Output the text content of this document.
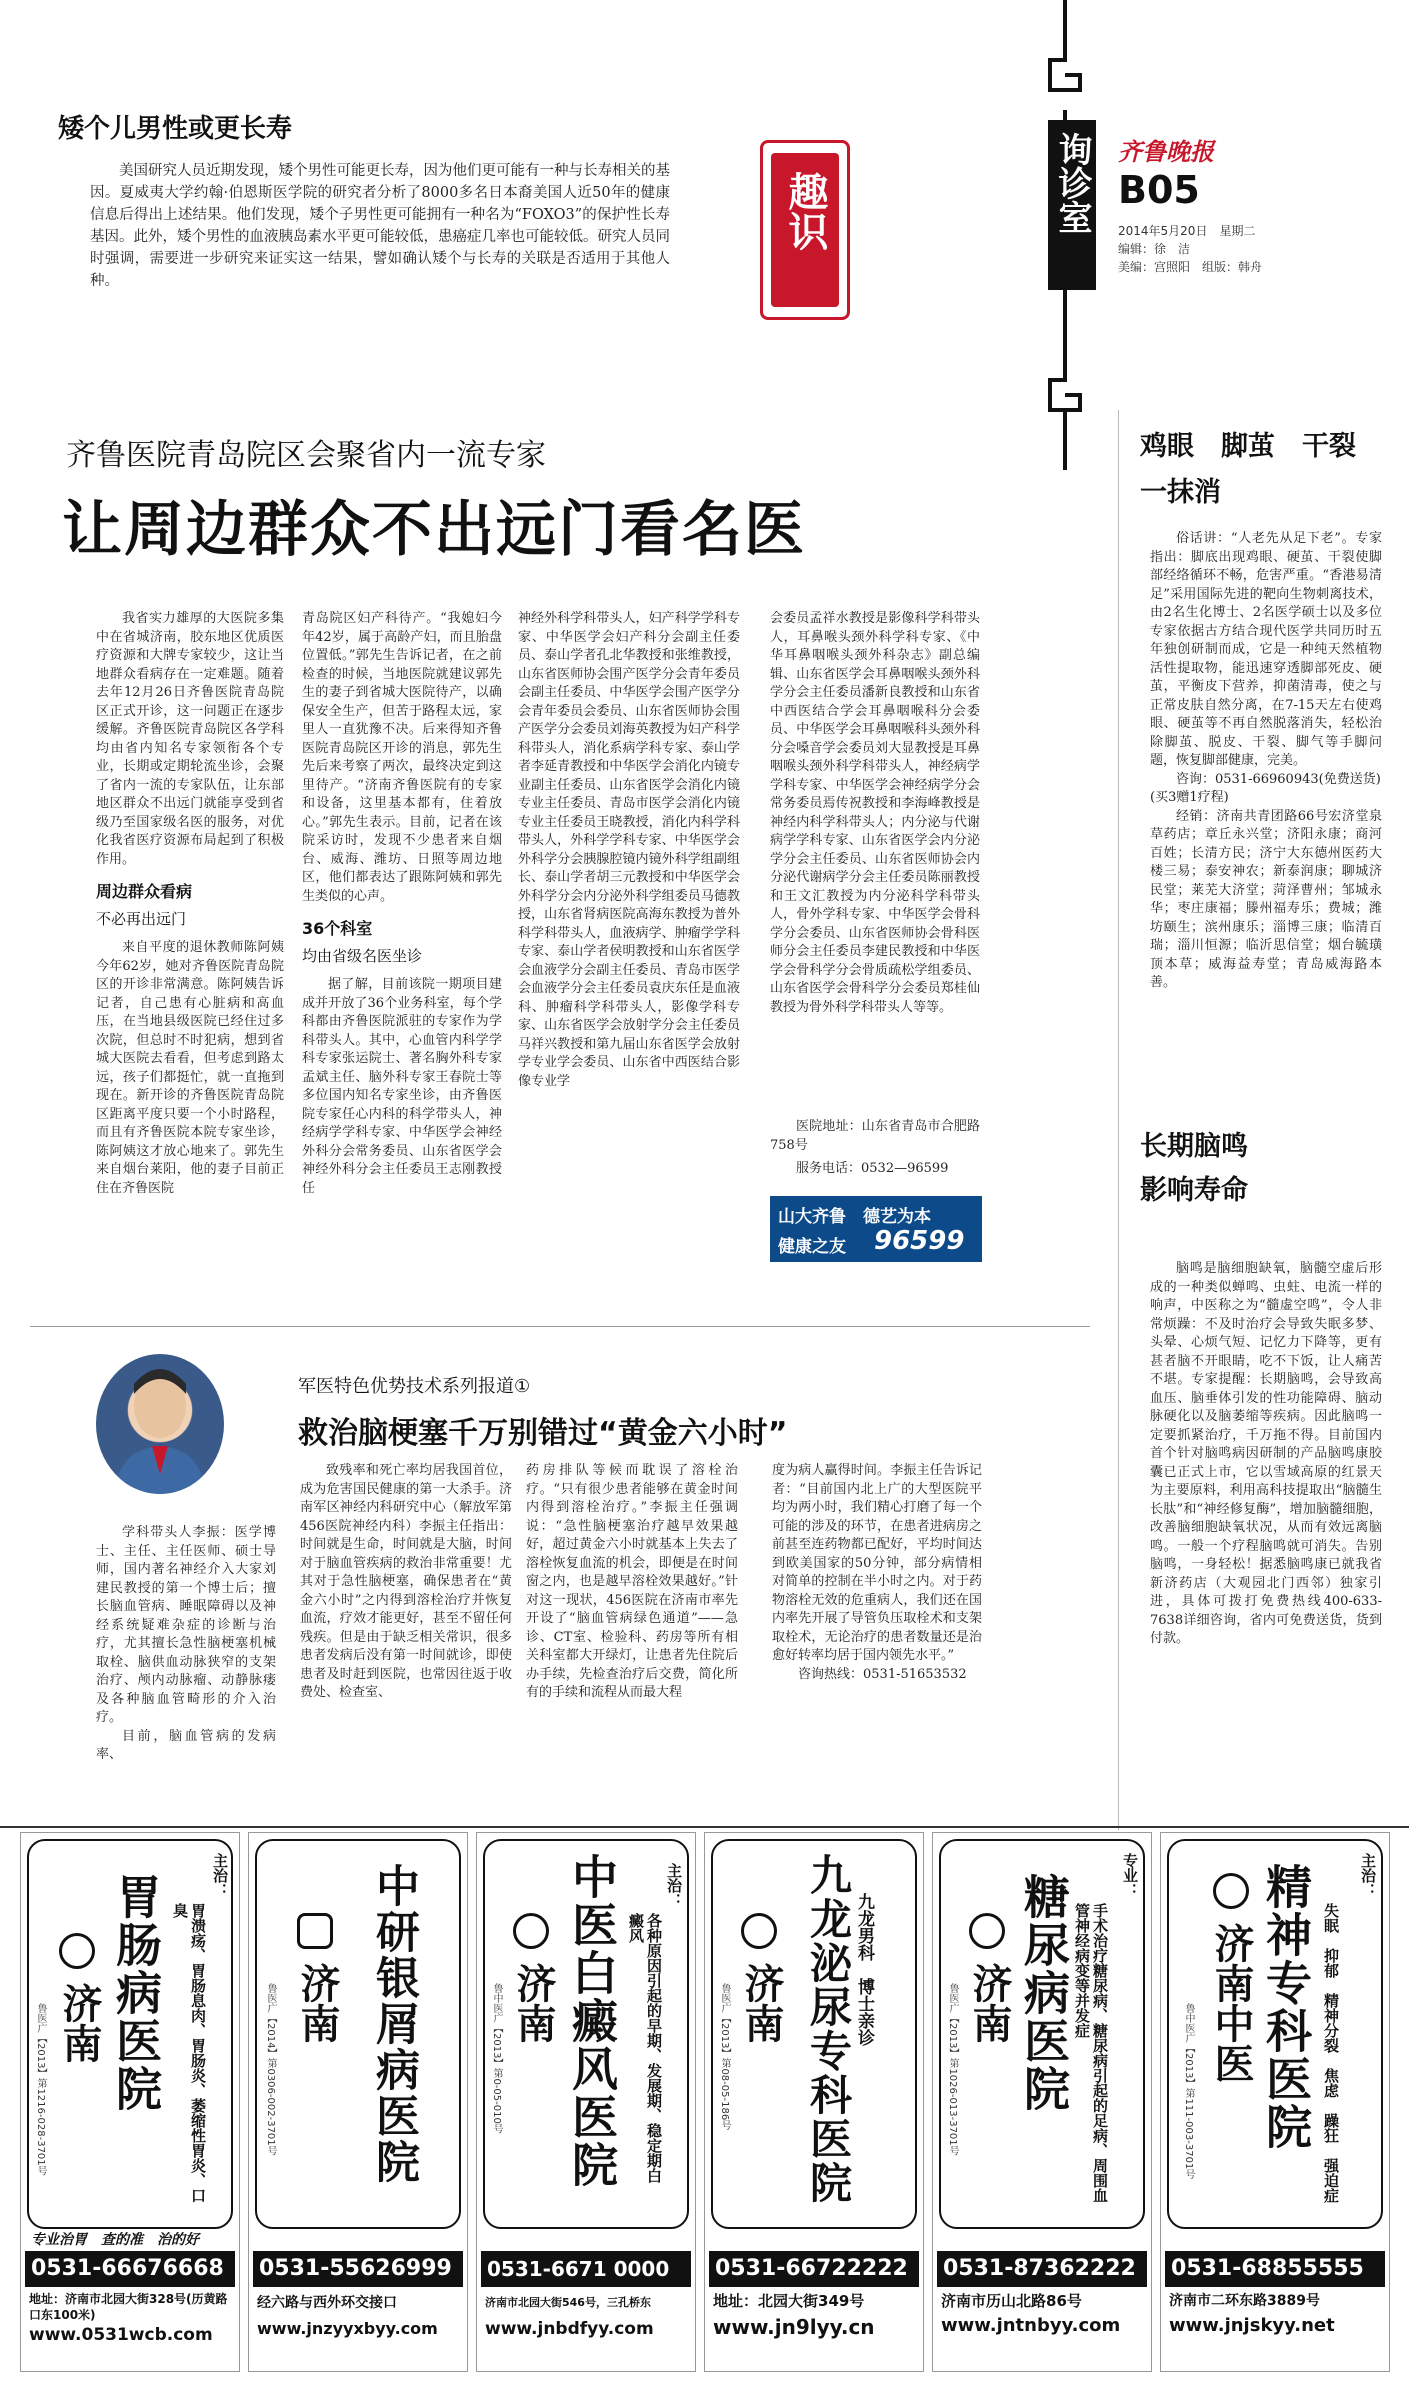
矮个儿男性或更长寿
美国研究人员近期发现，矮个男性可能更长寿，因为他们更可能有一种与长寿相关的基因。夏威夷大学约翰·伯恩斯医学院的研究者分析了8000多名日本裔美国人近50年的健康信息后得出上述结果。他们发现，矮个子男性更可能拥有一种名为“FOXO3”的保护性长寿基因。此外，矮个男性的血液胰岛素水平更可能较低，患癌症几率也可能较低。研究人员同时强调，需要进一步研究来证实这一结果，譬如确认矮个与长寿的关联是否适用于其他人种。
趣识	询诊室 齐鲁晚报
B05
2014年5月20日　星期二
编辑：徐　洁
美编：宫照阳　组版：韩舟
齐鲁医院青岛院区会聚省内一流专家
让周边群众不出远门看名医
我省实力雄厚的大医院多集中在省城济南，胶东地区优质医疗资源和大牌专家较少，这让当地群众看病存在一定难题。随着去年12月26日齐鲁医院青岛院区正式开诊，这一问题正在逐步缓解。齐鲁医院青岛院区各学科均由省内知名专家领衔各个专业，长期或定期轮流坐诊，会聚了省内一流的专家队伍，让东部地区群众不出远门就能享受到省级乃至国家级名医的服务，对优化我省医疗资源布局起到了积极作用。
周边群众看病
不必再出远门
来自平度的退休教师陈阿姨今年62岁，她对齐鲁医院青岛院区的开诊非常满意。陈阿姨告诉记者，自己患有心脏病和高血压，在当地县级医院已经住过多次院，但总时不时犯病，想到省城大医院去看看，但考虑到路太远，孩子们都挺忙，就一直拖到现在。新开诊的齐鲁医院青岛院区距离平度只要一个小时路程，而且有齐鲁医院本院专家坐诊，陈阿姨这才放心地来了。郭先生来自烟台莱阳，他的妻子目前正住在齐鲁医院
青岛院区妇产科待产。“我媳妇今年42岁，属于高龄产妇，而且胎盘位置低。”郭先生告诉记者，在之前检查的时候，当地医院就建议郭先生的妻子到省城大医院待产，以确保安全生产，但苦于路程太远，家里人一直犹豫不决。后来得知齐鲁医院青岛院区开诊的消息，郭先生先后来考察了两次，最终决定到这里待产。“济南齐鲁医院有的专家和设备，这里基本都有，住着放心。”郭先生表示。目前，记者在该院采访时，发现不少患者来自烟台、威海、潍坊、日照等周边地区，他们都表达了跟陈阿姨和郭先生类似的心声。
36个科室
均由省级名医坐诊
据了解，目前该院一期项目建成并开放了36个业务科室，每个学科都由齐鲁医院派驻的专家作为学科带头人。其中，心血管内科学学科专家张运院士、著名胸外科专家孟斌主任、脑外科专家王春院士等多位国内知名专家坐诊，由齐鲁医院专家任心内科的科学带头人，神经病学学科专家、中华医学会神经外科分会常务委员、山东省医学会神经外科分会主任委员王志刚教授任
神经外科学科带头人，妇产科学学科专家、中华医学会妇产科分会副主任委员、泰山学者孔北华教授和张维教授，山东省医师协会围产医学分会青年委员会副主任委员、中华医学会围产医学分会青年委员会委员、山东省医师协会围产医学分会委员刘海英教授为妇产科学科带头人，消化系病学科专家、泰山学者李延青教授和中华医学会消化内镜专业副主任委员、山东省医学会消化内镜专业主任委员、青岛市医学会消化内镜专业主任委员王晓教授，消化内科学科带头人，外科学学科专家、中华医学会外科学分会胰腺腔镜内镜外科学组副组长、泰山学者胡三元教授和中华医学会外科学分会内分泌外科学组委员马德教授，山东省肾病医院高海东教授为普外科学科带头人，血液病学、肿瘤学学科专家、泰山学者侯明教授和山东省医学会血液学分会副主任委员、青岛市医学会血液学分会主任委员袁庆东任是血液科、肿瘤科学科带头人，影像学科专家、山东省医学会放射学分会主任委员马祥兴教授和第九届山东省医学会放射学专业学会委员、山东省中西医结合影像专业学
会委员孟祥水教授是影像科学科带头人，耳鼻喉头颈外科学科专家、《中华耳鼻咽喉头颈外科杂志》副总编辑、山东省医学会耳鼻咽喉头颈外科学分会主任委员潘新良教授和山东省中西医结合学会耳鼻咽喉科分会委员、中华医学会耳鼻咽喉科头颈外科分会嗓音学会委员刘大显教授是耳鼻咽喉头颈外科学科带头人，神经病学学科专家、中华医学会神经病学分会常务委员焉传祝教授和李海峰教授是神经内科学科带头人；内分泌与代谢病学学科专家、山东省医学会内分泌学分会主任委员、山东省医师协会内分泌代谢病学分会主任委员陈丽教授和王文汇教授为内分泌科学科带头人，骨外学科专家、中华医学会骨科学分会委员、山东省医师协会骨科医师分会主任委员李建民教授和中华医学会骨科学分会骨质疏松学组委员、山东省医学会骨科学分会委员郑桂仙教授为骨外科学科带头人等等。
医院地址：山东省青岛市合肥路758号
服务电话：0532—96599
山大齐鲁　德艺为本
健康之友 96599
鸡眼　脚茧　干裂
一抹消
俗话讲：“人老先从足下老”。专家指出：脚底出现鸡眼、硬茧、干裂使脚部经络循环不畅，危害严重。“香港易清足”采用国际先进的靶向生物刺离技术，由2名生化博士、2名医学硕士以及多位专家依据古方结合现代医学共同历时五年独创研制而成，它是一种纯天然植物活性提取物，能迅速穿透脚部死皮、硬茧，平衡皮下营养，抑菌清毒，使之与正常皮肤自然分离，在7-15天左右使鸡眼、硬茧等不再自然脱落消失，轻松治除脚茧、脱皮、干裂、脚气等手脚问题，恢复脚部健康，完美。
咨询：0531-66960943(免费送货)
(买3赠1疗程)
经销：济南共青团路66号宏济堂泉草药店；章丘永兴堂；济阳永康；商河百姓；长清方民；济宁大东德州医药大楼三易；泰安神农；新泰润康；聊城济民堂；莱芜大济堂；菏泽曹州；邹城永华；枣庄康福；滕州福寿乐；费城；潍坊颐生；滨州康乐；淄博三康；临清百瑞；淄川恒源；临沂思信堂；烟台毓璜顶本草；威海益寿堂；青岛威海路本善。
长期脑鸣
影响寿命
脑鸣是脑细胞缺氧，脑髓空虚后形成的一种类似蝉鸣、虫蛀、电流一样的响声，中医称之为“髓虚空鸣”，令人非常烦躁：不及时治疗会导致失眠多梦、头晕、心烦气短、记忆力下降等，更有甚者脑不开眼睛，吃不下饭，让人痛苦不堪。专家提醒：长期脑鸣，会导致高血压、脑垂体引发的性功能障碍、脑动脉硬化以及脑萎缩等疾病。因此脑鸣一定要抓紧治疗，千万拖不得。目前国内首个针对脑鸣病因研制的产品脑鸣康胶囊已正式上市，它以雪域高原的红景天为主要原料，利用高科技提取出“脑髓生长肽”和“神经修复酶”，增加脑髓细胞，改善脑细胞缺氧状况，从而有效远离脑鸣。一般一个疗程脑鸣就可消失。告别脑鸣，一身轻松！据悉脑鸣康已就我省新济药店（大观园北门西邻）独家引进，具体可拨打免费热线400-633-7638详细咨询，省内可免费送货，货到付款。
军医特色优势技术系列报道①
救治脑梗塞千万别错过“黄金六小时”
学科带头人李振：医学博士、主任、主任医师、硕士导师，国内著名神经介入大家刘建民教授的第一个博士后；擅长脑血管病、睡眠障碍以及神经系统疑难杂症的诊断与治疗，尤其擅长急性脑梗塞机械取栓、脑供血动脉狭窄的支架治疗、颅内动脉瘤、动静脉瘘及各种脑血管畸形的介入治疗。
目前，脑血管病的发病率、
致残率和死亡率均居我国首位，成为危害国民健康的第一大杀手。济南军区神经内科研究中心（解放军第456医院神经内科）李振主任指出：时间就是生命，时间就是大脑，时间对于脑血管疾病的救治非常重要！尤其对于急性脑梗塞，确保患者在“黄金六小时”之内得到溶栓治疗并恢复血流，疗效才能更好，甚至不留任何残疾。但是由于缺乏相关常识，很多患者发病后没有第一时间就诊，即使患者及时赶到医院，也常因往返于收费处、检查室、
药房排队等候而耽误了溶栓治疗。“只有很少患者能够在黄金时间内得到溶栓治疗。”李振主任强调说：“急性脑梗塞治疗越早效果越好，超过黄金六小时就基本上失去了溶栓恢复血流的机会，即便是在时间窗之内，也是越早溶栓效果越好。”针对这一现状，456医院在济南市率先开设了“脑血管病绿色通道”——急诊、CT室、检验科、药房等所有相关科室都大开绿灯，让患者先住院后办手续，先检查治疗后交费，简化所有的手续和流程从而最大程
度为病人赢得时间。李振主任告诉记者：“目前国内北上广的大型医院平均为两小时，我们精心打磨了每一个可能的涉及的环节，在患者进病房之前甚至连药物都已配好，平均时间达到欧美国家的50分钟，部分病情相对简单的控制在半小时之内。对于药物溶栓无效的危重病人，我们还在国内率先开展了导管负压取栓术和支架取栓术，无论治疗的患者数量还是治愈好转率均居于国内领先水平。”
咨询热线：0531-51653532
主治：
胃溃疡、胃肠息肉、胃肠炎、萎缩性胃炎、口臭
胃肠病医院
济南
鲁医广【2013】第1216-028-3701号
专业治胃　查的准　治的好
0531-66676668
地址：济南市北园大街328号(历黄路口东100米)
www.0531wcb.com
中研银屑病医院
济南
鲁医广【2014】第0306-002-3701号
0531-55626999
经六路与西外环交接口
www.jnzyyxbyy.com
中医白癜风医院	主治：
各种原因引起的早期、发展期、稳定期白癜风
济南
鲁中医广【2013】第0-05-010号
0531-6671 0000
济南市北园大街546号，三孔桥东
www.jnbdfyy.com
九龙泌尿专科医院 九龙男科　博士亲诊
济南
鲁医广【2013】第08-05-186号
0531-66722222
地址：北园大街349号
www.jn9lyy.cn
专业：
手术治疗糖尿病、糖尿病引起的足病、周围血管神经病变等并发症
糖尿病医院
济南
鲁医广【2013】第1026-013-3701号
0531-87362222
济南市历山北路86号
www.jntnbyy.com
主治：
失眠　抑郁　精神分裂　焦虑　躁狂　强迫症
精神专科医院
济南中医
鲁中医广【2013】第111-003-3701号
0531-68855555
济南市二环东路3889号
www.jnjskyy.net
